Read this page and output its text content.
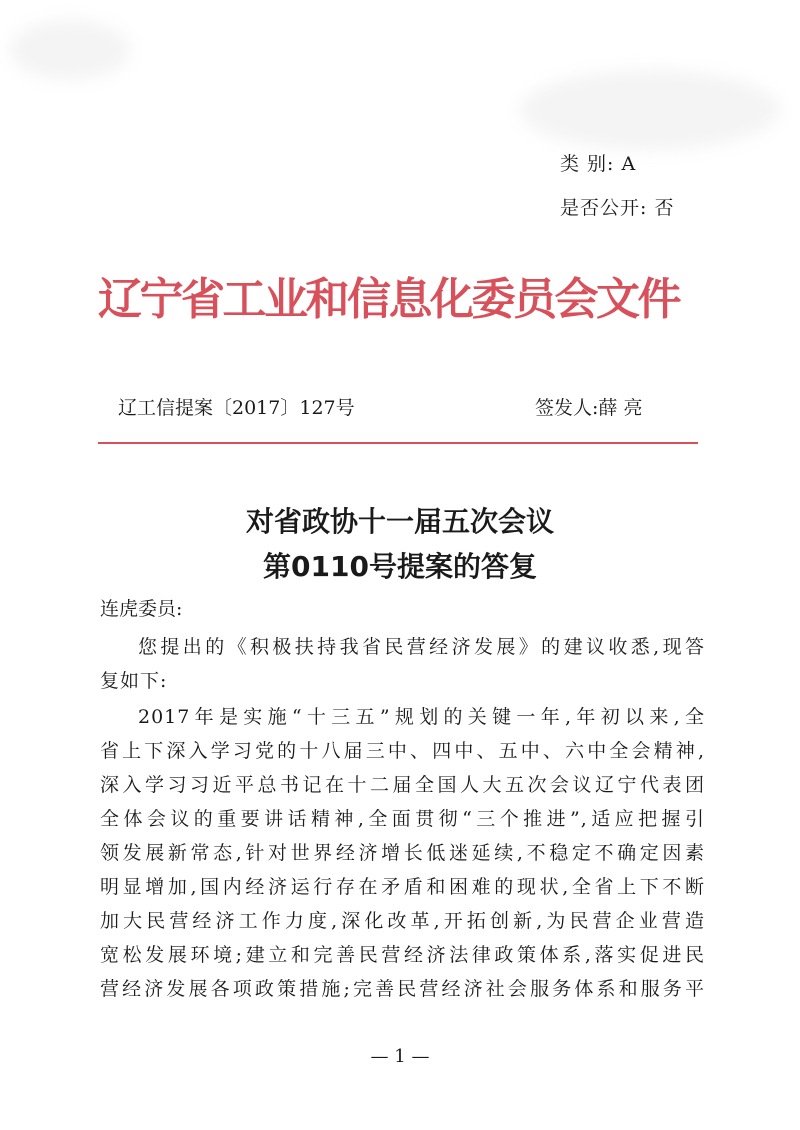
类 别: A
是否公开: 否
辽宁省工业和信息化委员会文件
辽工信提案〔2017〕127号	签发人:薛 亮
对省政协十一届五次会议
第0110号提案的答复
连虎委员:
您提出的《积极扶持我省民营经济发展》的建议收悉,现答
复如下:
2017年是实施“十三五”规划的关键一年,年初以来,全
省上下深入学习党的十八届三中、四中、五中、六中全会精神,
深入学习习近平总书记在十二届全国人大五次会议辽宁代表团
全体会议的重要讲话精神,全面贯彻“三个推进”,适应把握引
领发展新常态,针对世界经济增长低迷延续,不稳定不确定因素
明显增加,国内经济运行存在矛盾和困难的现状,全省上下不断
加大民营经济工作力度,深化改革,开拓创新,为民营企业营造
宽松发展环境;建立和完善民营经济法律政策体系,落实促进民
营经济发展各项政策措施;完善民营经济社会服务体系和服务平
— 1 —
